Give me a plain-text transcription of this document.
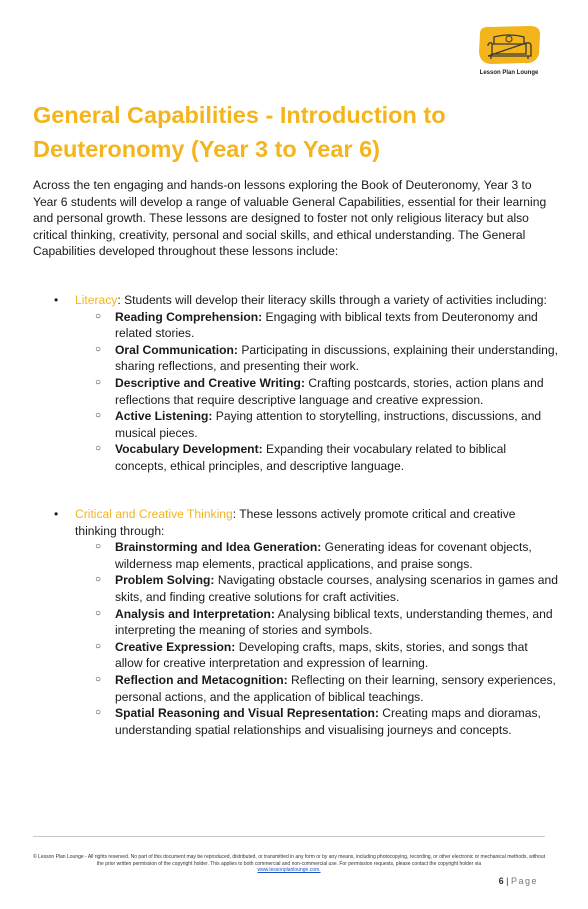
Lesson Plan Lounge
General Capabilities - Introduction to Deuteronomy (Year 3 to Year 6)

Across the ten engaging and hands-on lessons exploring the Book of Deuteronomy, Year 3 to Year 6 students will develop a range of valuable General Capabilities, essential for their learning and personal growth. These lessons are designed to foster not only religious literacy but also critical thinking, creativity, personal and social skills, and ethical understanding. The General Capabilities developed throughout these lessons include:

• Literacy: Students will develop their literacy skills through a variety of activities including:
○ Reading Comprehension: Engaging with biblical texts from Deuteronomy and related stories.
○ Oral Communication: Participating in discussions, explaining their understanding, sharing reflections, and presenting their work.
○ Descriptive and Creative Writing: Crafting postcards, stories, action plans and reflections that require descriptive language and creative expression.
○ Active Listening: Paying attention to storytelling, instructions, discussions, and musical pieces.
○ Vocabulary Development: Expanding their vocabulary related to biblical concepts, ethical principles, and descriptive language.
• Critical and Creative Thinking: These lessons actively promote critical and creative thinking through:
○ Brainstorming and Idea Generation: Generating ideas for covenant objects, wilderness map elements, practical applications, and praise songs.
○ Problem Solving: Navigating obstacle courses, analysing scenarios in games and skits, and finding creative solutions for craft activities.
○ Analysis and Interpretation: Analysing biblical texts, understanding themes, and interpreting the meaning of stories and symbols.
○ Creative Expression: Developing crafts, maps, skits, stories, and songs that allow for creative interpretation and expression of learning.
○ Reflection and Metacognition: Reflecting on their learning, sensory experiences, personal actions, and the application of biblical teachings.
○ Spatial Reasoning and Visual Representation: Creating maps and dioramas, understanding spatial relationships and visualising journeys and concepts.
© Lesson Plan Lounge - All rights reserved. No part of this document may be reproduced, distributed, or transmitted in any form or by any means, including photocopying, recording, or other electronic or mechanical methods, without the prior written permission of the copyright holder. This applies to both commercial and non-commercial use. For permission requests, please contact the copyright holder via
www.lessonplanlounge.com.
6 | Page
